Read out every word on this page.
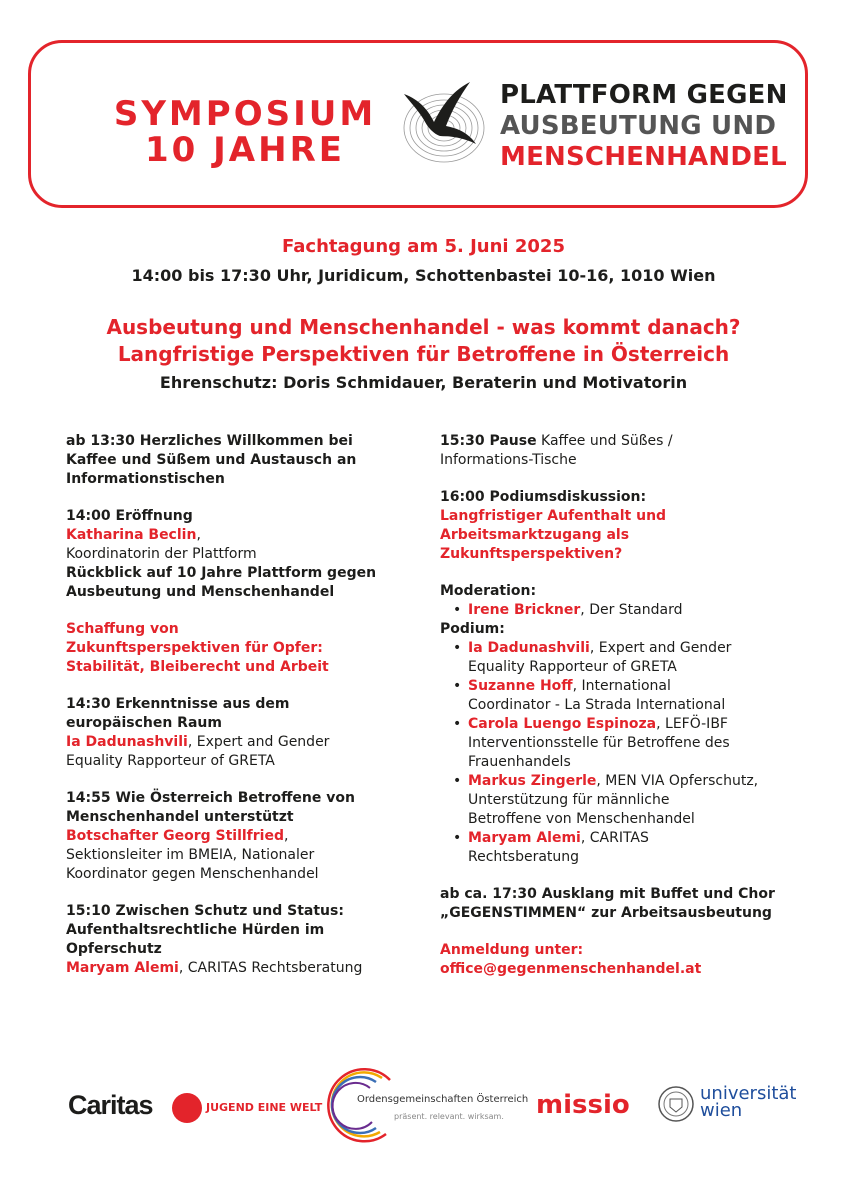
SYMPOSIUM
10 JAHRE
PLATTFORM GEGEN
AUSBEUTUNG UND
MENSCHENHANDEL
Fachtagung am 5. Juni 2025
14:00 bis 17:30 Uhr, Juridicum, Schottenbastei 10-16, 1010 Wien
Ausbeutung und Menschenhandel - was kommt danach?
Langfristige Perspektiven für Betroffene in Österreich
Ehrenschutz: Doris Schmidauer, Beraterin und Motivatorin

ab 13:30 Herzliches Willkommen bei

Kaffee und Süßem und Austausch an

Informationstischen

14:00 Eröffnung

Katharina Beclin,

Koordinatorin der Plattform

Rückblick auf 10 Jahre Plattform gegen

Ausbeutung und Menschenhandel

Schaffung von

Zukunftsperspektiven für Opfer:

Stabilität, Bleiberecht und Arbeit

14:30 Erkenntnisse aus dem

europäischen Raum

Ia Dadunashvili, Expert and Gender

Equality Rapporteur of GRETA

14:55 Wie Österreich Betroffene von

Menschenhandel unterstützt

Botschafter Georg Stillfried,

Sektionsleiter im BMEIA, Nationaler

Koordinator gegen Menschenhandel

15:10 Zwischen Schutz und Status:

Aufenthaltsrechtliche Hürden im

Opferschutz

Maryam Alemi, CARITAS Rechtsberatung

15:30 Pause Kaffee und Süßes /

Informations-Tische

16:00 Podiumsdiskussion:

Langfristiger Aufenthalt und

Arbeitsmarktzugang als

Zukunftsperspektiven?

Moderation:

• Irene Brickner, Der Standard

Podium:

• Ia Dadunashvili, Expert and Gender
Equality Rapporteur of GRETA
• Suzanne Hoff, International
Coordinator - La Strada International
• Carola Luengo Espinoza, LEFÖ-IBF
Interventionsstelle für Betroffene des
Frauenhandels
• Markus Zingerle, MEN VIA Opferschutz,
Unterstützung für männliche
Betroffene von Menschenhandel
• Maryam Alemi, CARITAS
Rechtsberatung

ab ca. 17:30 Ausklang mit Buffet und Chor

„GEGENSTIMMEN“ zur Arbeitsausbeutung

Anmeldung unter:

office@gegenmenschenhandel.at

Caritas	JUGEND EINE WELT
Ordensgemeinschaften Österreich
präsent. relevant. wirksam. missio	universität
wien
